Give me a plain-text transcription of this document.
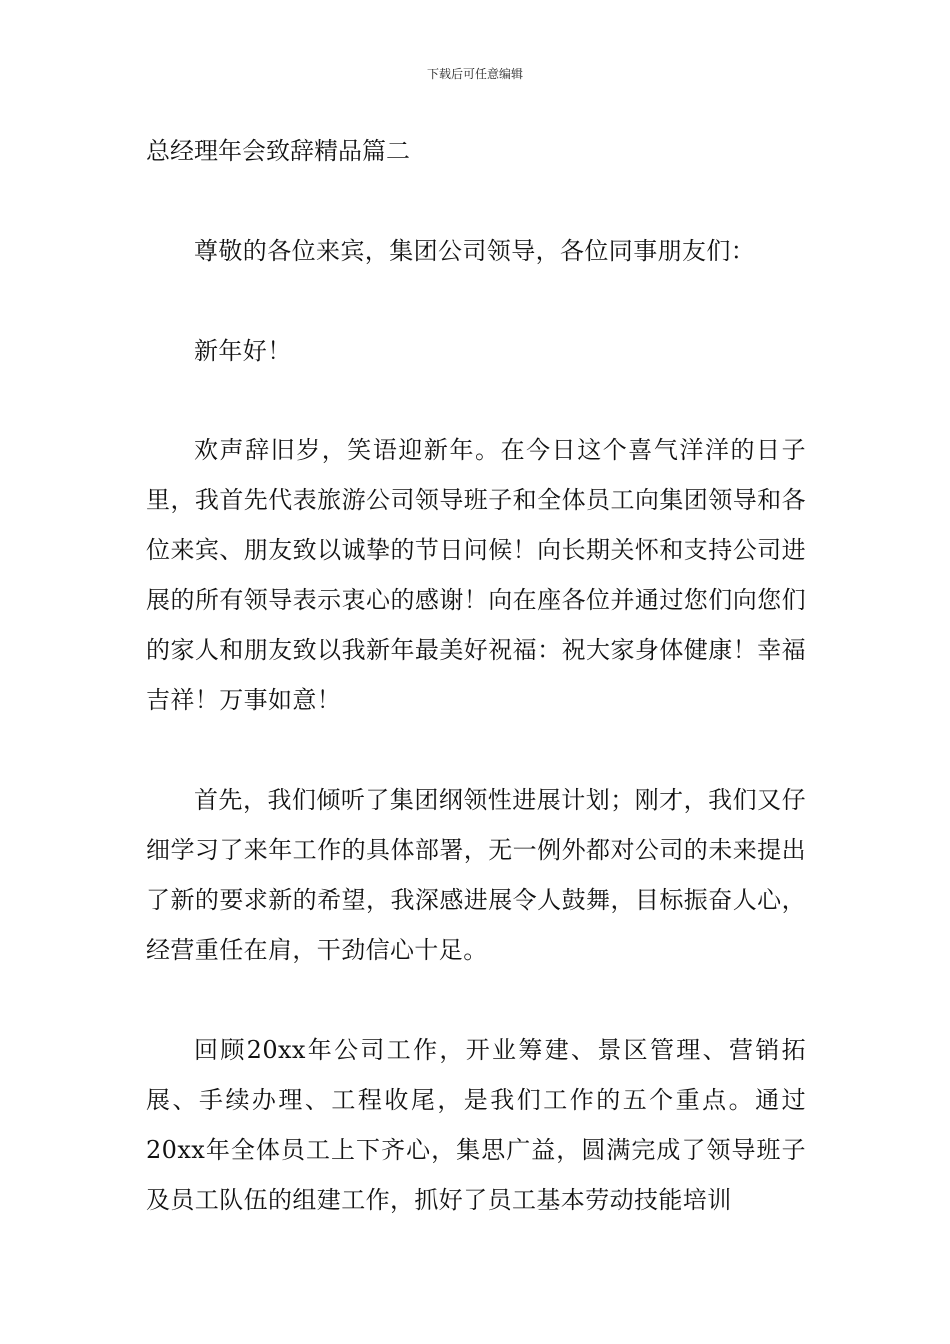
下载后可任意编辑
总经理年会致辞精品篇二

尊敬的各位来宾，集团公司领导，各位同事朋友们：

新年好！

欢声辞旧岁，笑语迎新年。在今日这个喜气洋洋的日子里，我首先代表旅游公司领导班子和全体员工向集团领导和各位来宾、朋友致以诚挚的节日问候！向长期关怀和支持公司进展的所有领导表示衷心的感谢！向在座各位并通过您们向您们的家人和朋友致以我新年最美好祝福：祝大家身体健康！幸福吉祥！万事如意！

首先，我们倾听了集团纲领性进展计划；刚才，我们又仔细学习了来年工作的具体部署，无一例外都对公司的未来提出了新的要求新的希望，我深感进展令人鼓舞，目标振奋人心，经营重任在肩，干劲信心十足。

回顾20xx年公司工作，开业筹建、景区管理、营销拓展、手续办理、工程收尾，是我们工作的五个重点。通过20xx年全体员工上下齐心，集思广益，圆满完成了领导班子及员工队伍的组建工作，抓好了员工基本劳动技能培训
